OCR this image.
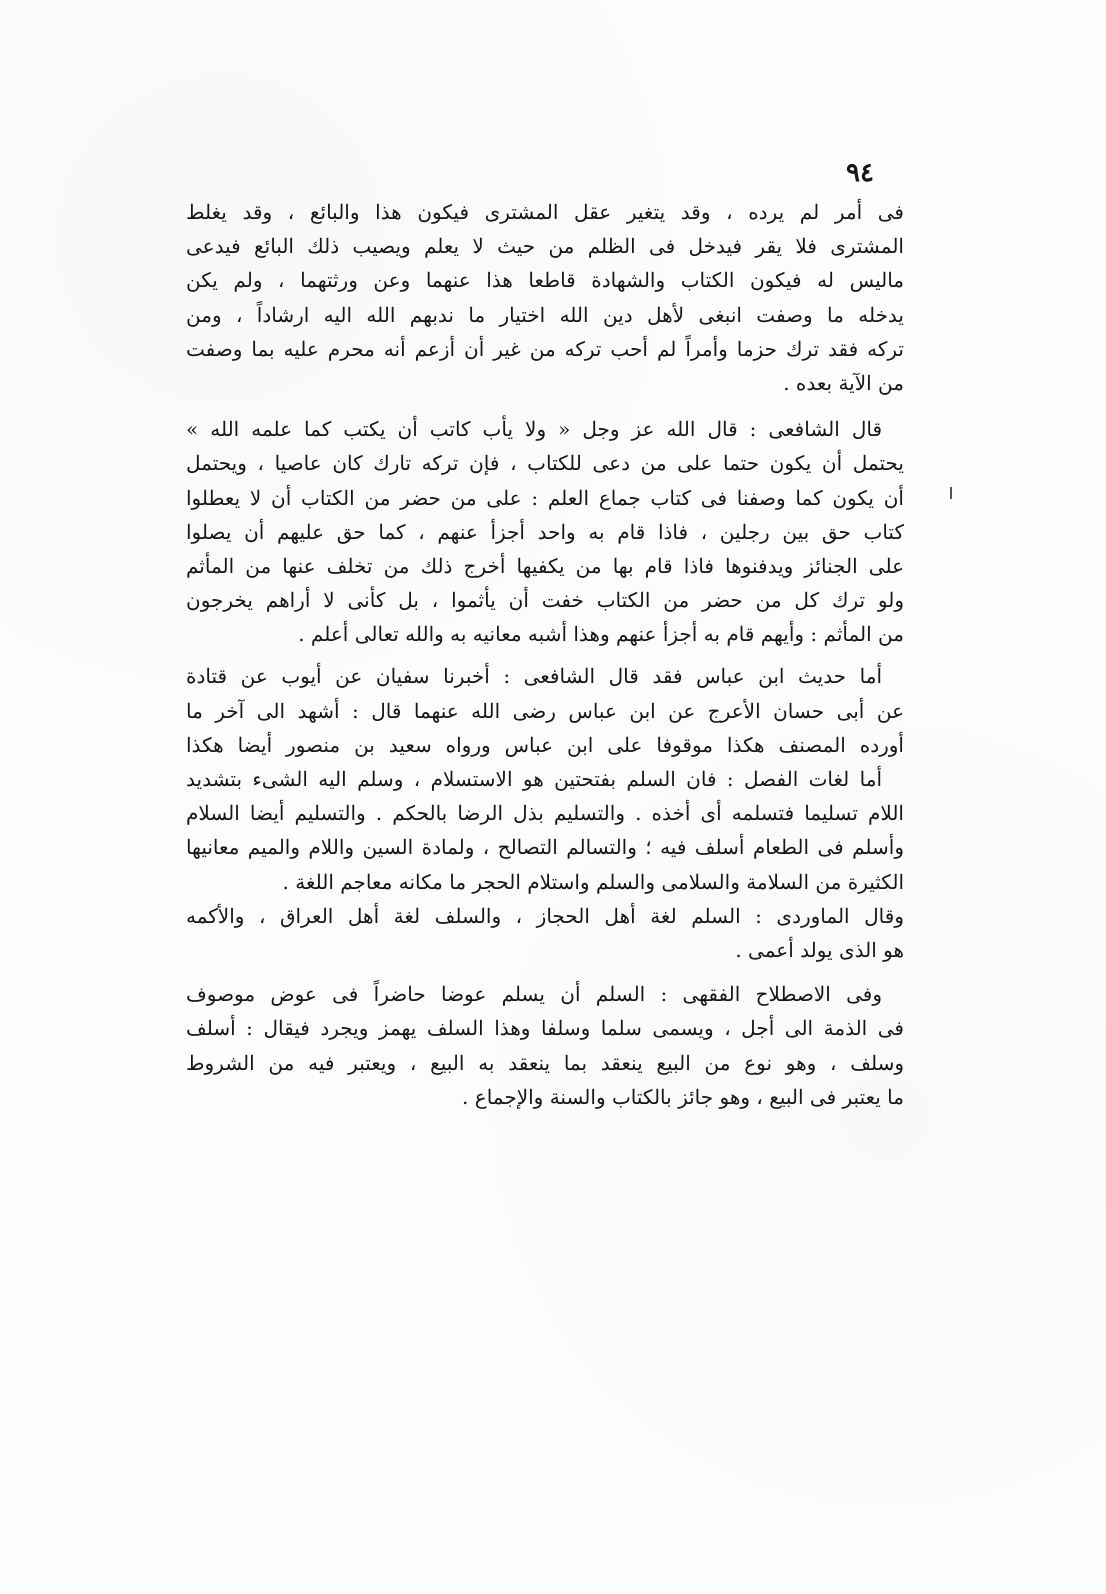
٩٤
فى أمر لم يرده ، وقد يتغير عقل المشترى فيكون هذا والبائع ، وقد يغلط
المشترى فلا يقر فيدخل فى الظلم من حيث لا يعلم ويصيب ذلك البائع فيدعى
ماليس له فيكون الكتاب والشهادة قاطعا هذا عنهما وعن ورثتهما ، ولم يكن
يدخله ما وصفت انبغى لأهل دين الله اختيار ما ندبهم الله اليه ارشاداً ، ومن
تركه فقد ترك حزما وأمراً لم أحب تركه من غير أن أزعم أنه محرم عليه بما وصفت
من الآية بعده .
قال الشافعى : قال الله عز وجل « ولا يأب كاتب أن يكتب كما علمه الله »
يحتمل أن يكون حتما على من دعى للكتاب ، فإن تركه تارك كان عاصيا ، ويحتمل
أن يكون كما وصفنا فى كتاب جماع العلم : على من حضر من الكتاب أن لا يعطلوا
كتاب حق بين رجلين ، فاذا قام به واحد أجزأ عنهم ، كما حق عليهم أن يصلوا
على الجنائز ويدفنوها فاذا قام بها من يكفيها أخرج ذلك من تخلف عنها من المأثم
ولو ترك كل من حضر من الكتاب خفت أن يأثموا ، بل كأنى لا أراهم يخرجون
من المأثم : وأيهم قام به أجزأ عنهم وهذا أشبه معانيه به والله تعالى أعلم .
أما حديث ابن عباس فقد قال الشافعى : أخبرنا سفيان عن أيوب عن قتادة
عن أبى حسان الأعرج عن ابن عباس رضى الله عنهما قال : أشهد الى آخر ما
أورده المصنف هكذا موقوفا على ابن عباس ورواه سعيد بن منصور أيضا هكذا
أما لغات الفصل : فان السلم بفتحتين هو الاستسلام ، وسلم اليه الشىء بتشديد
اللام تسليما فتسلمه أى أخذه . والتسليم بذل الرضا بالحكم . والتسليم أيضا السلام
وأسلم فى الطعام أسلف فيه ؛ والتسالم التصالح ، ولمادة السين واللام والميم معانيها
الكثيرة من السلامة والسلامى والسلم واستلام الحجر ما مكانه معاجم اللغة .
وقال الماوردى : السلم لغة أهل الحجاز ، والسلف لغة أهل العراق ، والأكمه
هو الذى يولد أعمى .
وفى الاصطلاح الفقهى : السلم أن يسلم عوضا حاضراً فى عوض موصوف
فى الذمة الى أجل ، ويسمى سلما وسلفا وهذا السلف يهمز ويجرد فيقال : أسلف
وسلف ، وهو نوع من البيع ينعقد بما ينعقد به البيع ، ويعتبر فيه من الشروط
ما يعتبر فى البيع ، وهو جائز بالكتاب والسنة والإجماع .
